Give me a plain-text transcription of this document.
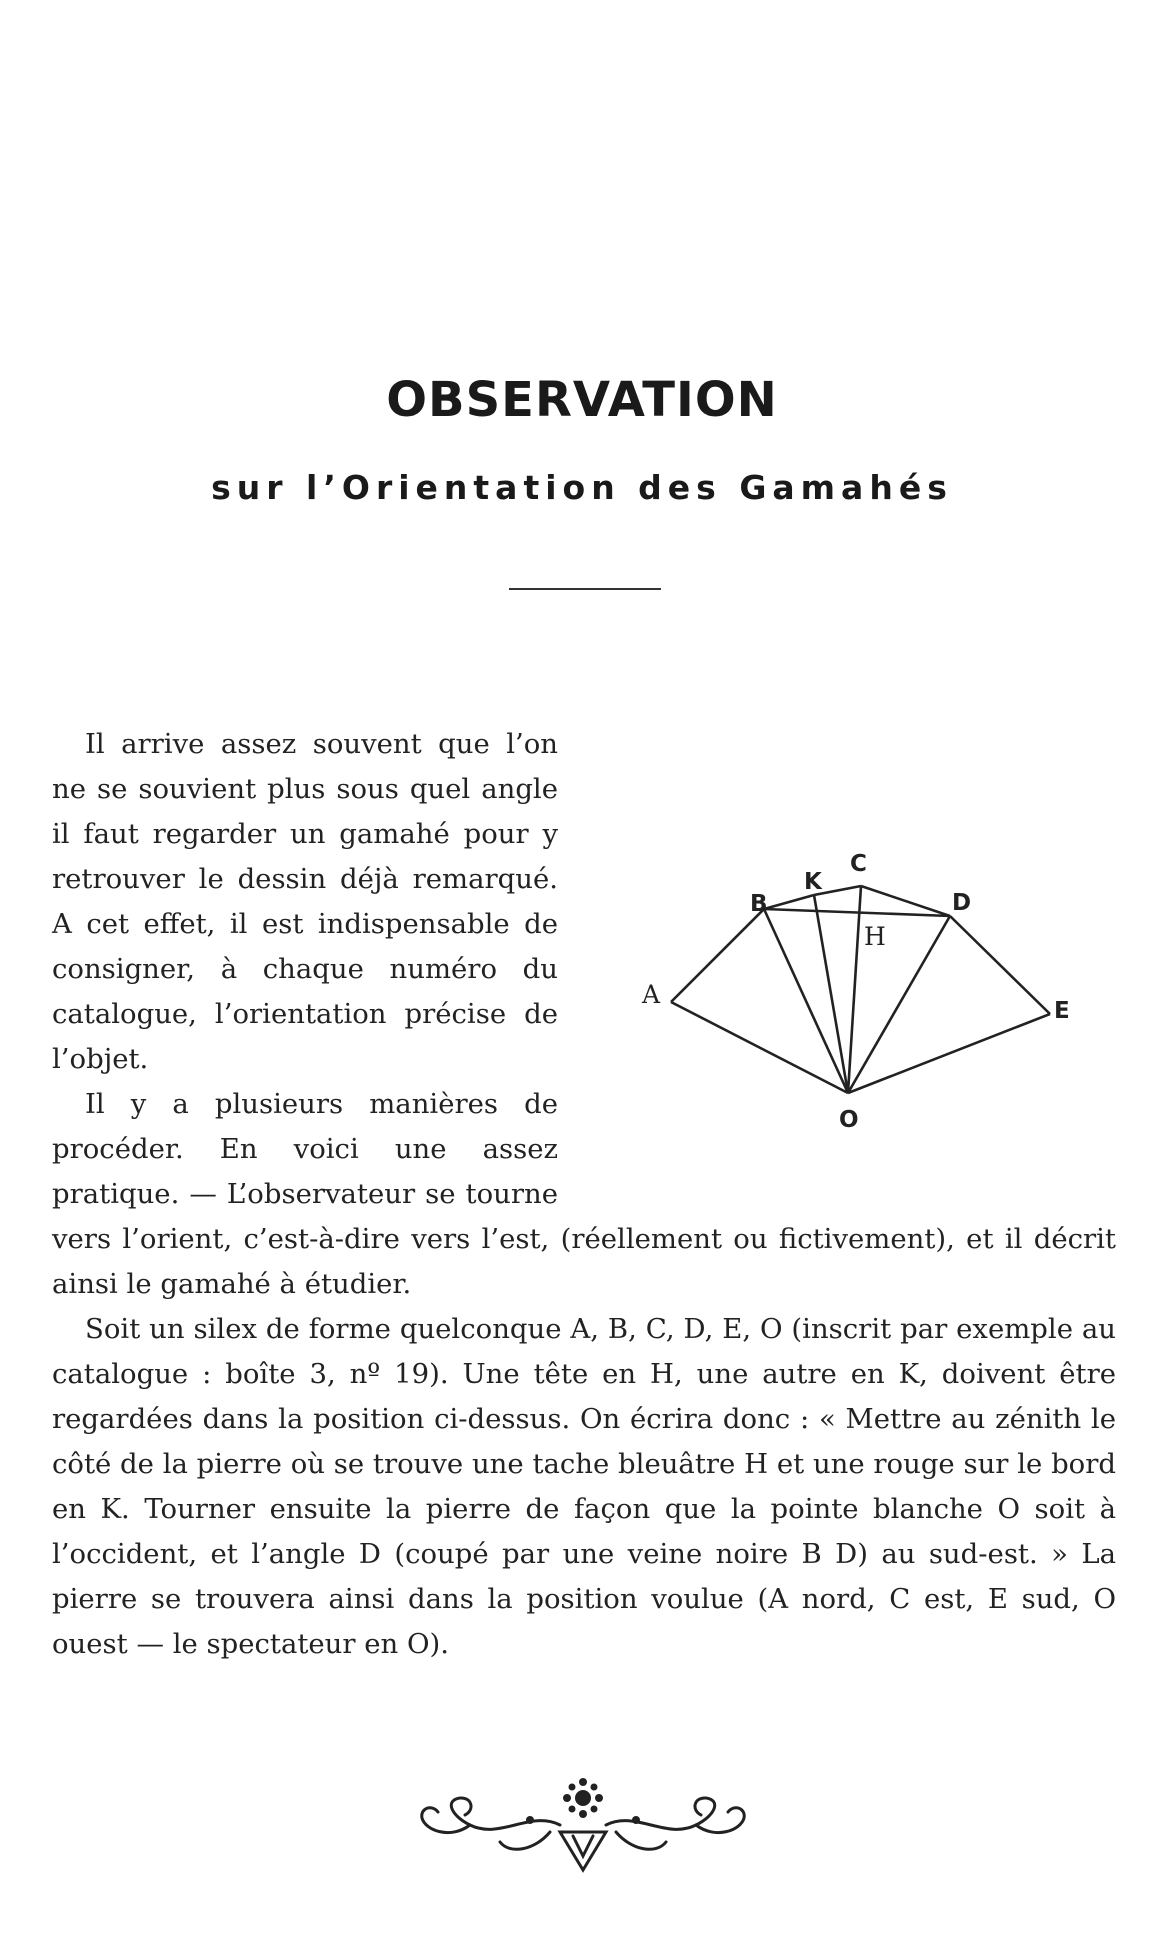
OBSERVATION
sur l’Orientation des Gamahés
A
B
K
C
D
H
E
O

Il arrive assez souvent que l’on ne se souvient plus sous quel angle il faut regarder un gamahé pour y retrouver le dessin déjà remarqué. A cet effet, il est indispensable de consigner, à chaque numéro du catalogue, l’orientation précise de l’objet.

Il y a plusieurs manières de procéder. En voici une assez pratique. — L’observateur se tourne vers l’orient, c’est-à-dire vers l’est, (réellement ou fictivement), et il décrit ainsi le gamahé à étudier.

Soit un silex de forme quelconque A, B, C, D, E, O (inscrit par exemple au catalogue : boîte 3, nº 19). Une tête en H, une autre en K, doivent être regardées dans la position ci-dessus. On écrira donc : « Mettre au zénith le côté de la pierre où se trouve une tache bleuâtre H et une rouge sur le bord en K. Tourner ensuite la pierre de façon que la pointe blanche O soit à l’occident, et l’angle D (coupé par une veine noire B D) au sud-est. » La pierre se trouvera ainsi dans la position voulue (A nord, C est, E sud, O ouest — le spectateur en O).
